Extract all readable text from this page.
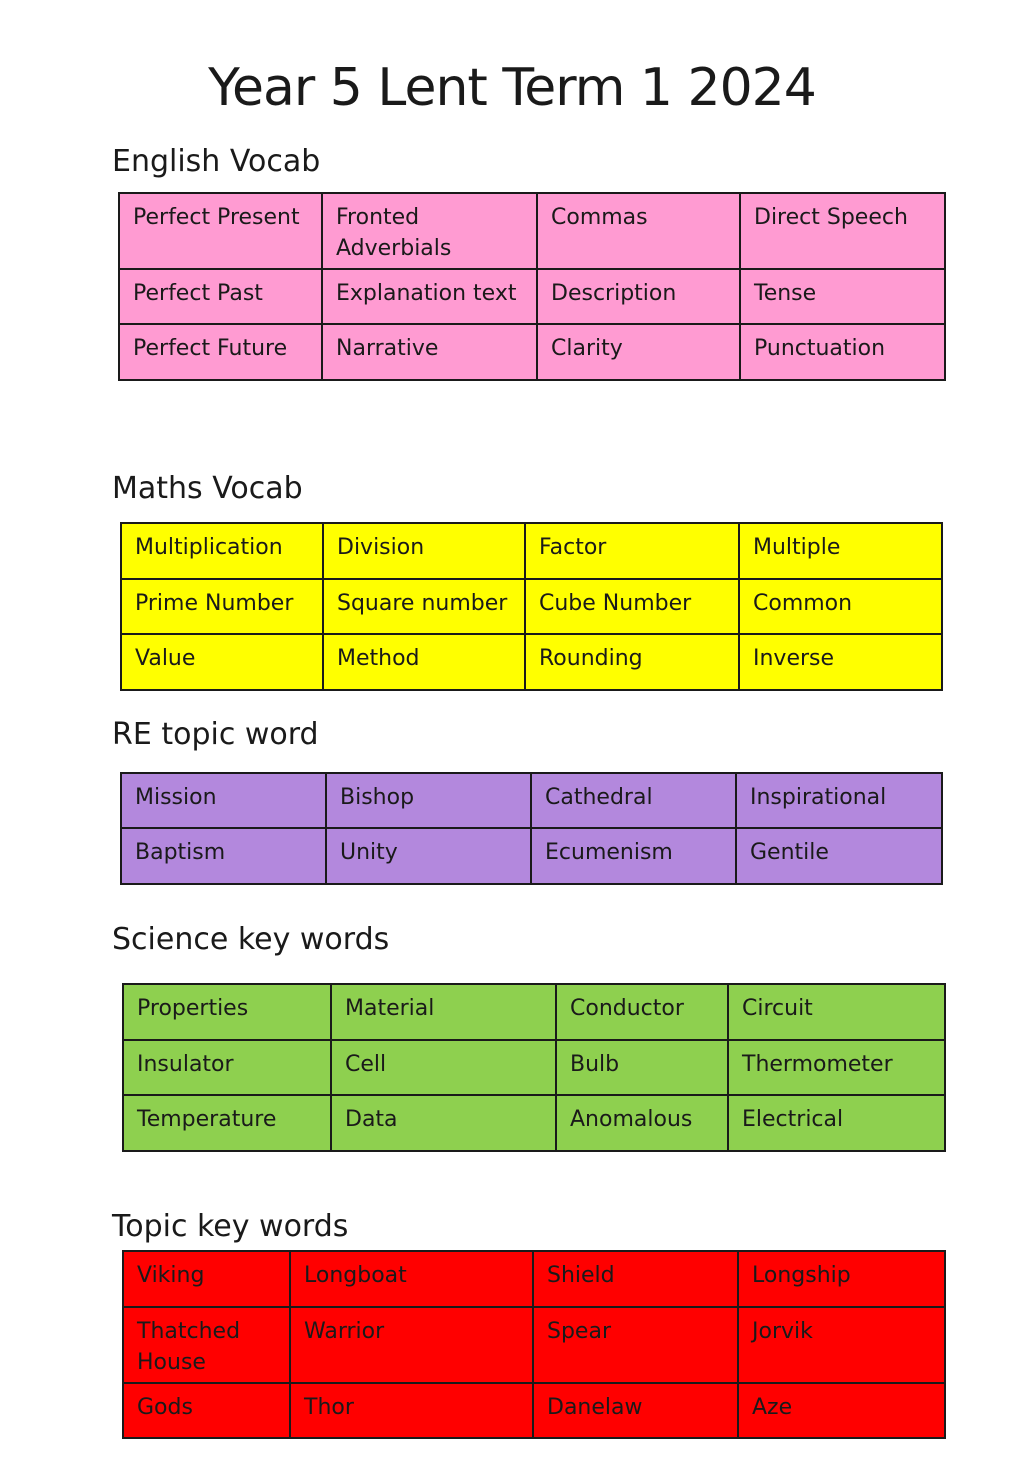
Year 5 Lent Term 1 2024
English Vocab
Perfect Present	Fronted Adverbials	Commas	Direct Speech
Perfect Past	Explanation text	Description	Tense
Perfect Future	Narrative	Clarity	Punctuation
Maths Vocab
Multiplication	Division	Factor	Multiple
Prime Number	Square number	Cube Number	Common
Value	Method	Rounding	Inverse
RE topic word
Mission	Bishop	Cathedral	Inspirational
Baptism	Unity	Ecumenism	Gentile
Science key words
Properties	Material	Conductor	Circuit
Insulator	Cell	Bulb	Thermometer
Temperature	Data	Anomalous	Electrical
Topic key words
Viking	Longboat	Shield	Longship
Thatched House	Warrior	Spear	Jorvik
Gods	Thor	Danelaw	Aze
